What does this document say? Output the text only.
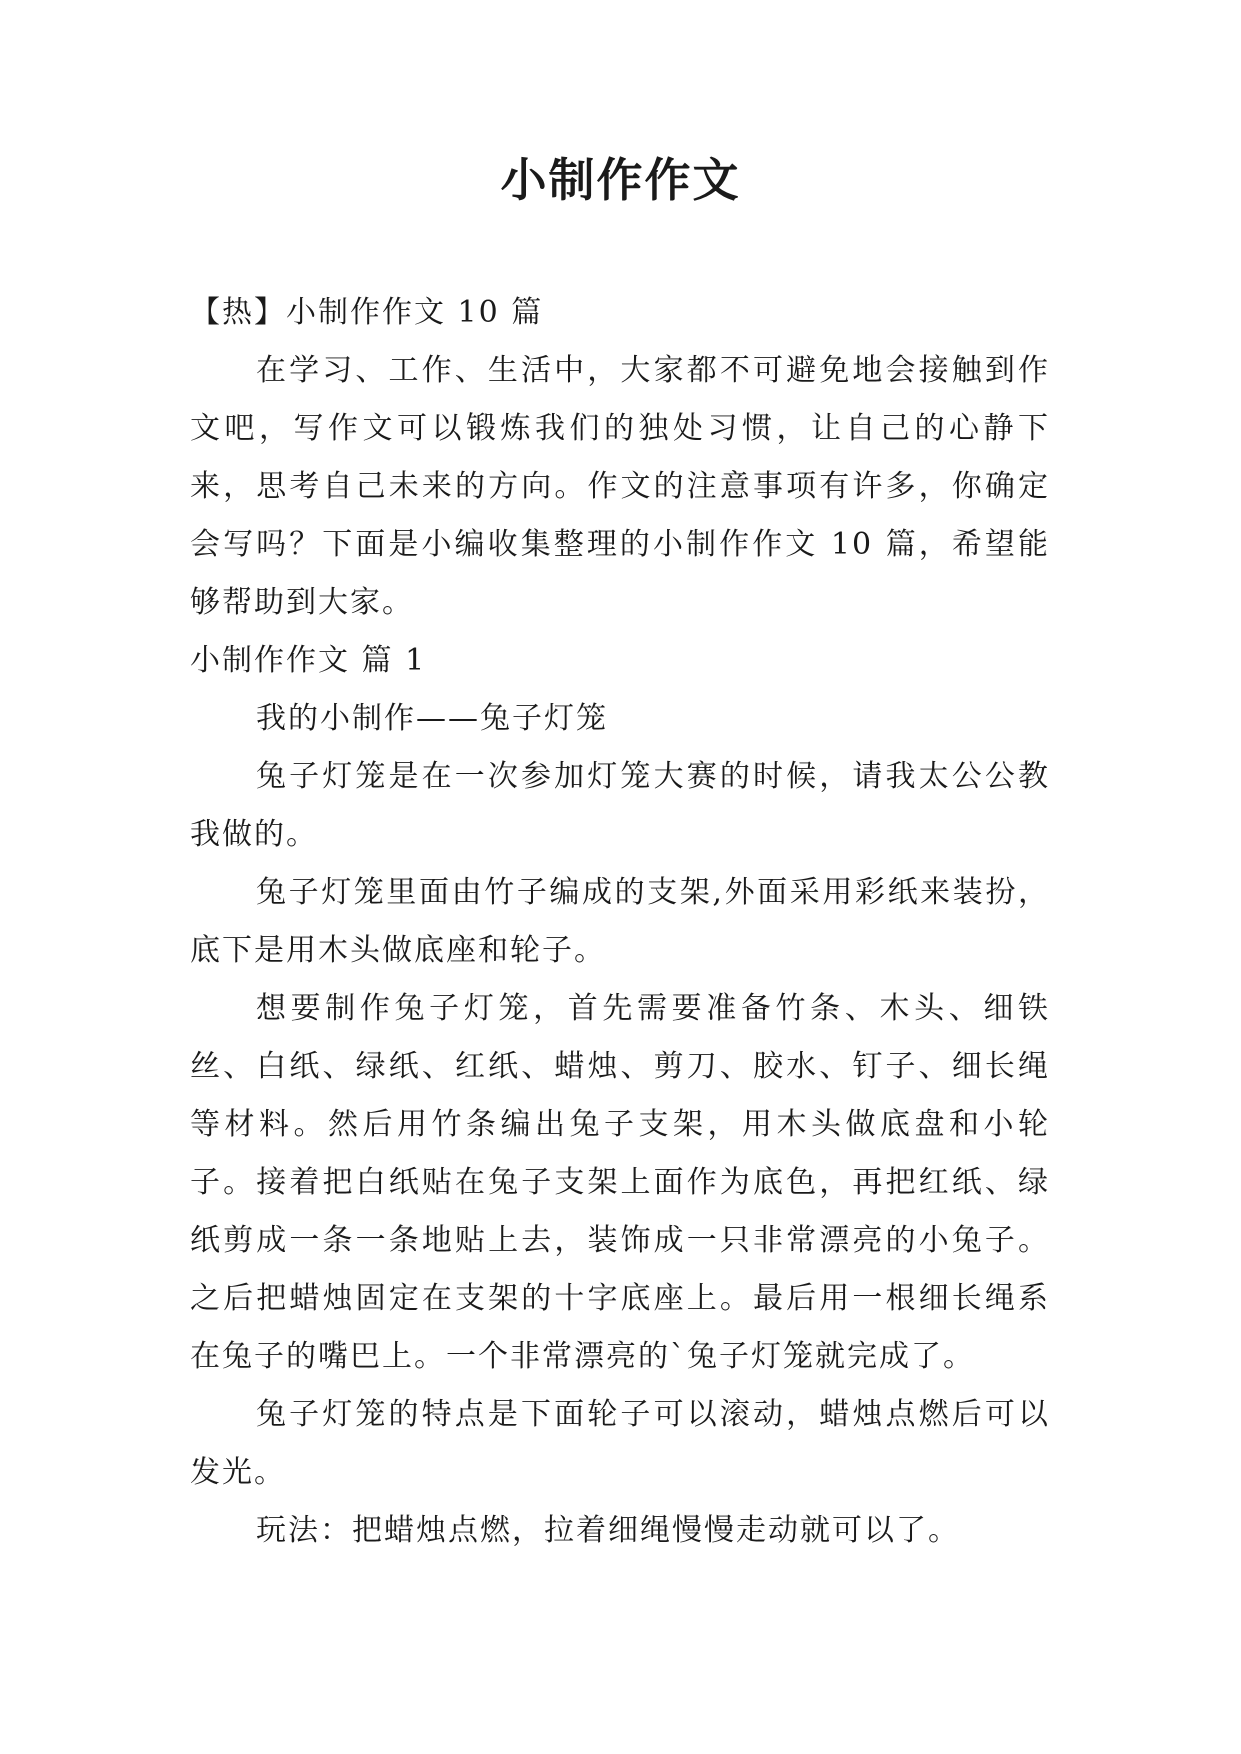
小制作作文

【热】小制作作文 10 篇

在学习、工作、生活中，大家都不可避免地会接触到作文吧，写作文可以锻炼我们的独处习惯，让自己的心静下来，思考自己未来的方向。作文的注意事项有许多，你确定会写吗？下面是小编收集整理的小制作作文 10 篇，希望能够帮助到大家。

小制作作文 篇 1

我的小制作——兔子灯笼

兔子灯笼是在一次参加灯笼大赛的时候，请我太公公教我做的。

兔子灯笼里面由竹子编成的支架,外面采用彩纸来装扮，底下是用木头做底座和轮子。

想要制作兔子灯笼，首先需要准备竹条、木头、细铁丝、白纸、绿纸、红纸、蜡烛、剪刀、胶水、钉子、细长绳等材料。然后用竹条编出兔子支架，用木头做底盘和小轮子。接着把白纸贴在兔子支架上面作为底色，再把红纸、绿纸剪成一条一条地贴上去，装饰成一只非常漂亮的小兔子。之后把蜡烛固定在支架的十字底座上。最后用一根细长绳系在兔子的嘴巴上。一个非常漂亮的`兔子灯笼就完成了。

兔子灯笼的特点是下面轮子可以滚动，蜡烛点燃后可以发光。

玩法：把蜡烛点燃，拉着细绳慢慢走动就可以了。
